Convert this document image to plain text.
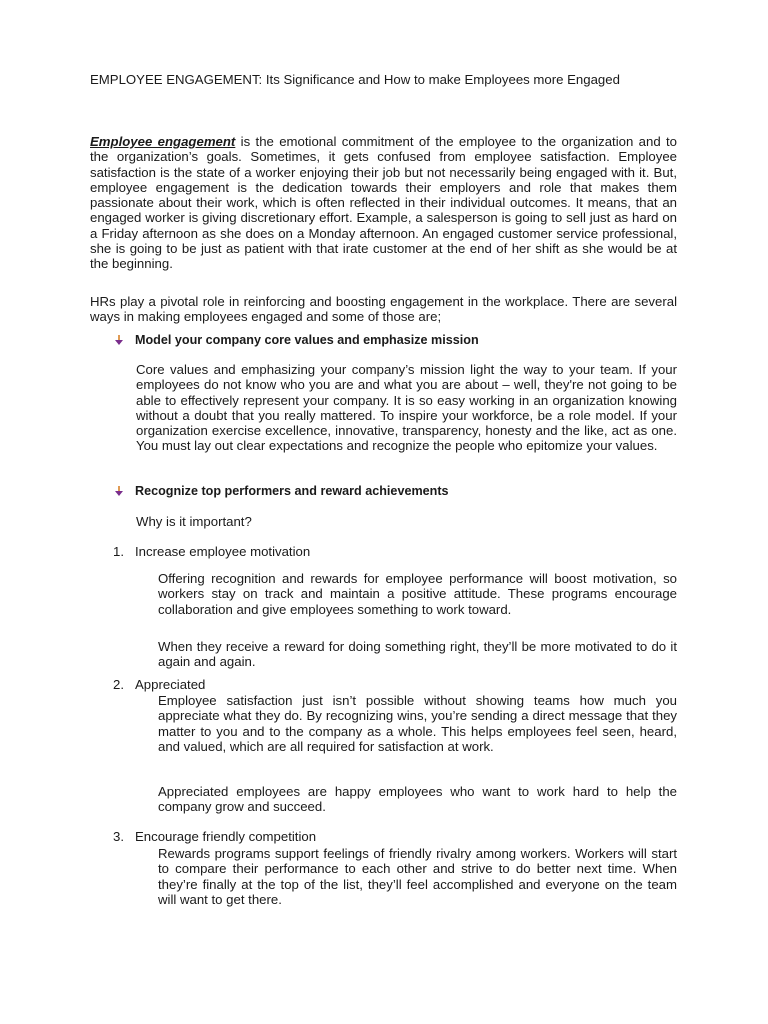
EMPLOYEE ENGAGEMENT: Its Significance and How to make Employees more Engaged

Employee engagement is the emotional commitment of the employee to the organization and to the organization’s goals. Sometimes, it gets confused from employee satisfaction. Employee satisfaction is the state of a worker enjoying their job but not necessarily being engaged with it. But, employee engagement is the dedication towards their employers and role that makes them passionate about their work, which is often reflected in their individual outcomes. It means, that an engaged worker is giving discretionary effort. Example, a salesperson is going to sell just as hard on a Friday afternoon as she does on a Monday afternoon. An engaged customer service professional, she is going to be just as patient with that irate customer at the end of her shift as she would be at the beginning.

HRs play a pivotal role in reinforcing and boosting engagement in the workplace. There are several ways in making employees engaged and some of those are;

Model your company core values and emphasize mission

Core values and emphasizing your company’s mission light the way to your team. If your employees do not know who you are and what you are about – well, they're not going to be able to effectively represent your company. It is so easy working in an organization knowing without a doubt that you really mattered. To inspire your workforce, be a role model. If your organization exercise excellence, innovative, transparency, honesty and the like, act as one. You must lay out clear expectations and recognize the people who epitomize your values.

Recognize top performers and reward achievements

Why is it important?

1. Increase employee motivation

Offering recognition and rewards for employee performance will boost motivation, so workers stay on track and maintain a positive attitude. These programs encourage collaboration and give employees something to work toward.

When they receive a reward for doing something right, they’ll be more motivated to do it again and again.

2. Appreciated

Employee satisfaction just isn’t possible without showing teams how much you appreciate what they do. By recognizing wins, you’re sending a direct message that they matter to you and to the company as a whole. This helps employees feel seen, heard, and valued, which are all required for satisfaction at work.

Appreciated employees are happy employees who want to work hard to help the company grow and succeed.

3. Encourage friendly competition

Rewards programs support feelings of friendly rivalry among workers. Workers will start to compare their performance to each other and strive to do better next time. When they’re finally at the top of the list, they’ll feel accomplished and everyone on the team will want to get there.
